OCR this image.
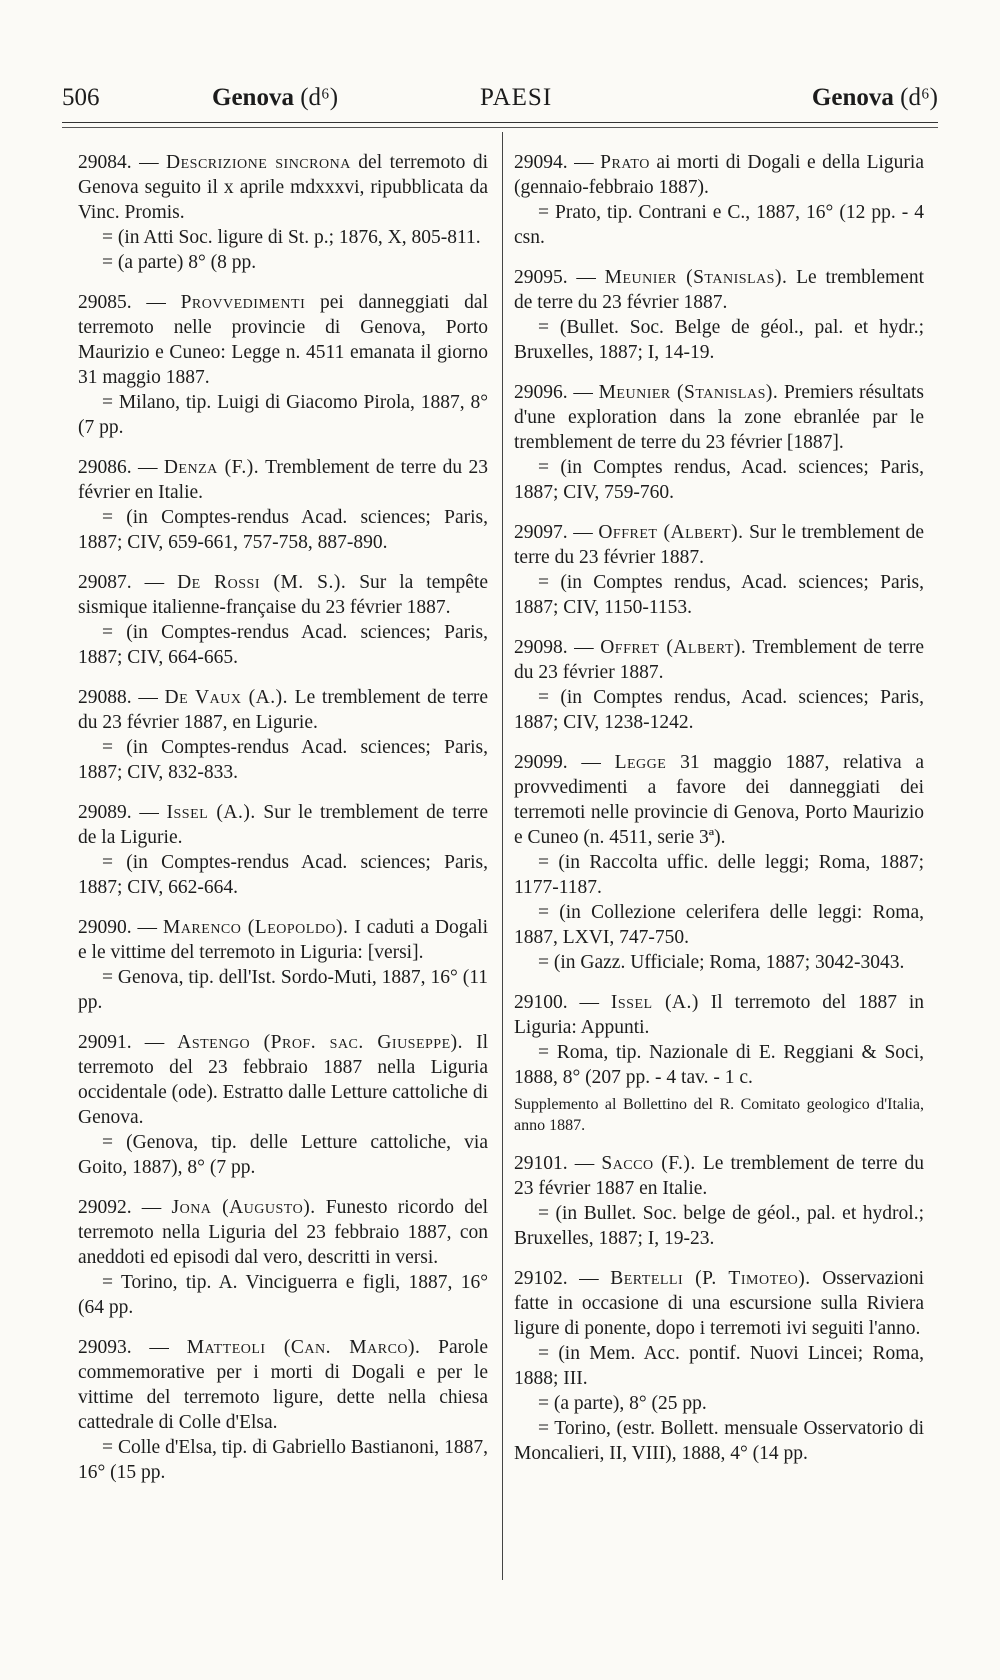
506	Genova (d⁶)	PAESI	Genova (d⁶)

29084. — Descrizione sincrona del terremoto di Genova seguito il x aprile mdxxxvi, ripubblicata da Vinc. Promis.

= (in Atti Soc. ligure di St. p.; 1876, X, 805-811.

= (a parte) 8° (8 pp.

29085. — Provvedimenti pei danneggiati dal terremoto nelle provincie di Genova, Porto Maurizio e Cuneo: Legge n. 4511 emanata il giorno 31 maggio 1887.

= Milano, tip. Luigi di Giacomo Pirola, 1887, 8° (7 pp.

29086. — Denza (F.). Tremblement de terre du 23 février en Italie.

= (in Comptes-rendus Acad. sciences; Paris, 1887; CIV, 659-661, 757-758, 887-890.

29087. — De Rossi (M. S.). Sur la tempête sismique italienne-française du 23 février 1887.

= (in Comptes-rendus Acad. sciences; Paris, 1887; CIV, 664-665.

29088. — De Vaux (A.). Le tremblement de terre du 23 février 1887, en Ligurie.

= (in Comptes-rendus Acad. sciences; Paris, 1887; CIV, 832-833.

29089. — Issel (A.). Sur le tremblement de terre de la Ligurie.

= (in Comptes-rendus Acad. sciences; Paris, 1887; CIV, 662-664.

29090. — Marenco (Leopoldo). I caduti a Dogali e le vittime del terremoto in Liguria: [versi].

= Genova, tip. dell'Ist. Sordo-Muti, 1887, 16° (11 pp.

29091. — Astengo (Prof. sac. Giuseppe). Il terremoto del 23 febbraio 1887 nella Liguria occidentale (ode). Estratto dalle Letture cattoliche di Genova.

= (Genova, tip. delle Letture cattoliche, via Goito, 1887), 8° (7 pp.

29092. — Jona (Augusto). Funesto ricordo del terremoto nella Liguria del 23 febbraio 1887, con aneddoti ed episodi dal vero, descritti in versi.

= Torino, tip. A. Vinciguerra e figli, 1887, 16° (64 pp.

29093. — Matteoli (Can. Marco). Parole commemorative per i morti di Dogali e per le vittime del terremoto ligure, dette nella chiesa cattedrale di Colle d'Elsa.

= Colle d'Elsa, tip. di Gabriello Bastianoni, 1887, 16° (15 pp.

29094. — Prato ai morti di Dogali e della Liguria (gennaio-febbraio 1887).

= Prato, tip. Contrani e C., 1887, 16° (12 pp. - 4 csn.

29095. — Meunier (Stanislas). Le tremblement de terre du 23 février 1887.

= (Bullet. Soc. Belge de géol., pal. et hydr.; Bruxelles, 1887; I, 14-19.

29096. — Meunier (Stanislas). Premiers résultats d'une exploration dans la zone ebranlée par le tremblement de terre du 23 février [1887].

= (in Comptes rendus, Acad. sciences; Paris, 1887; CIV, 759-760.

29097. — Offret (Albert). Sur le tremblement de terre du 23 février 1887.

= (in Comptes rendus, Acad. sciences; Paris, 1887; CIV, 1150-1153.

29098. — Offret (Albert). Tremblement de terre du 23 février 1887.

= (in Comptes rendus, Acad. sciences; Paris, 1887; CIV, 1238-1242.

29099. — Legge 31 maggio 1887, relativa a provvedimenti a favore dei danneggiati dei terremoti nelle provincie di Genova, Porto Maurizio e Cuneo (n. 4511, serie 3ª).

= (in Raccolta uffic. delle leggi; Roma, 1887; 1177-1187.

= (in Collezione celerifera delle leggi: Roma, 1887, LXVI, 747-750.

= (in Gazz. Ufficiale; Roma, 1887; 3042-3043.

29100. — Issel (A.) Il terremoto del 1887 in Liguria: Appunti.

= Roma, tip. Nazionale di E. Reggiani & Soci, 1888, 8° (207 pp. - 4 tav. - 1 c.

Supplemento al Bollettino del R. Comitato geologico d'Italia, anno 1887.

29101. — Sacco (F.). Le tremblement de terre du 23 février 1887 en Italie.

= (in Bullet. Soc. belge de géol., pal. et hydrol.; Bruxelles, 1887; I, 19-23.

29102. — Bertelli (P. Timoteo). Osservazioni fatte in occasione di una escursione sulla Riviera ligure di ponente, dopo i terremoti ivi seguiti l'anno.

= (in Mem. Acc. pontif. Nuovi Lincei; Roma, 1888; III.

= (a parte), 8° (25 pp.

= Torino, (estr. Bollett. mensuale Osservatorio di Moncalieri, II, VIII), 1888, 4° (14 pp.
